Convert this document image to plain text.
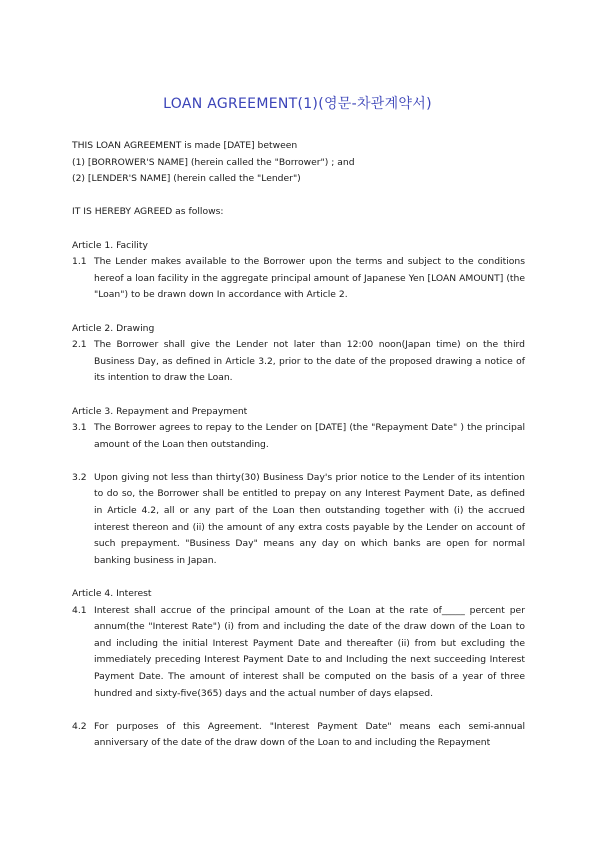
LOAN AGREEMENT(1)(영문-차관계약서)
THIS LOAN AGREEMENT is made [DATE] between
(1) [BORROWER'S NAME] (herein called the "Borrower") ; and
(2) [LENDER'S NAME] (herein called the "Lender")
IT IS HEREBY AGREED as follows:
Article 1. Facility
1.1 The Lender makes available to the Borrower upon the terms and subject to the conditions hereof a loan facility in the aggregate principal amount of Japanese Yen [LOAN AMOUNT] (the "Loan") to be drawn down In accordance with Article 2.
Article 2. Drawing
2.1 The Borrower shall give the Lender not later than 12:00 noon(Japan time) on the third Business Day, as defined in Article 3.2, prior to the date of the proposed drawing a notice of its intention to draw the Loan.
Article 3. Repayment and Prepayment
3.1 The Borrower agrees to repay to the Lender on [DATE] (the "Repayment Date" ) the principal amount of the Loan then outstanding.
3.2 Upon giving not less than thirty(30) Business Day's prior notice to the Lender of its intention to do so, the Borrower shall be entitled to prepay on any Interest Payment Date, as defined in Article 4.2, all or any part of the Loan then outstanding together with (i) the accrued interest thereon and (ii) the amount of any extra costs payable by the Lender on account of such prepayment. "Business Day" means any day on which banks are open for normal banking business in Japan.
Article 4. Interest
4.1 Interest shall accrue of the principal amount of the Loan at the rate of_____ percent per annum(the "Interest Rate") (i) from and including the date of the draw down of the Loan to and including the initial Interest Payment Date and thereafter (ii) from but excluding the immediately preceding Interest Payment Date to and Including the next succeeding Interest Payment Date. The amount of interest shall be computed on the basis of a year of three hundred and sixty-five(365) days and the actual number of days elapsed.
4.2 For purposes of this Agreement. "Interest Payment Date" means each semi-annual anniversary of the date of the draw down of the Loan to and including the Repayment
